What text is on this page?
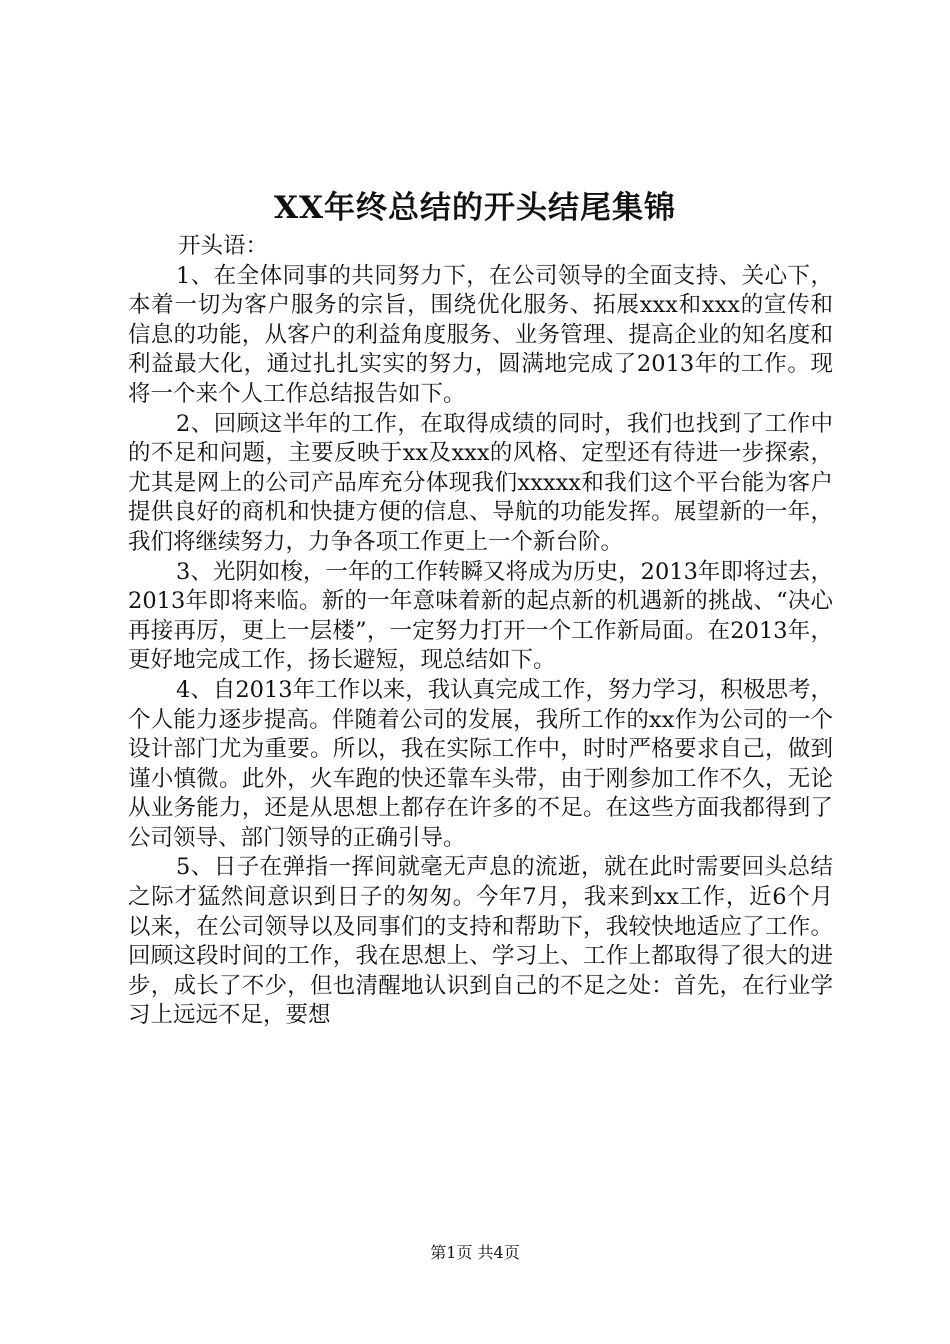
XX年终总结的开头结尾集锦

开头语：

1、在全体同事的共同努力下，在公司领导的全面支持、关心下，本着一切为客户服务的宗旨，围绕优化服务、拓展xxx和xxx的宣传和信息的功能，从客户的利益角度服务、业务管理、提高企业的知名度和利益最大化，通过扎扎实实的努力，圆满地完成了2013年的工作。现将一个来个人工作总结报告如下。

2、回顾这半年的工作，在取得成绩的同时，我们也找到了工作中的不足和问题，主要反映于xx及xxx的风格、定型还有待进一步探索，尤其是网上的公司产品库充分体现我们xxxxx和我们这个平台能为客户提供良好的商机和快捷方便的信息、导航的功能发挥。展望新的一年，我们将继续努力，力争各项工作更上一个新台阶。

3、光阴如梭，一年的工作转瞬又将成为历史，2013年即将过去，2013年即将来临。新的一年意味着新的起点新的机遇新的挑战、“决心再接再厉，更上一层楼”，一定努力打开一个工作新局面。在2013年，更好地完成工作，扬长避短，现总结如下。

4、自2013年工作以来，我认真完成工作，努力学习，积极思考，个人能力逐步提高。伴随着公司的发展，我所工作的xx作为公司的一个设计部门尤为重要。所以，我在实际工作中，时时严格要求自己，做到谨小慎微。此外，火车跑的快还靠车头带，由于刚参加工作不久，无论从业务能力，还是从思想上都存在许多的不足。在这些方面我都得到了公司领导、部门领导的正确引导。

5、日子在弹指一挥间就毫无声息的流逝，就在此时需要回头总结之际才猛然间意识到日子的匆匆。今年7月，我来到xx工作，近6个月以来，在公司领导以及同事们的支持和帮助下，我较快地适应了工作。回顾这段时间的工作，我在思想上、学习上、工作上都取得了很大的进步，成长了不少，但也清醒地认识到自己的不足之处：首先，在行业学习上远远不足，要想

第1页 共4页
